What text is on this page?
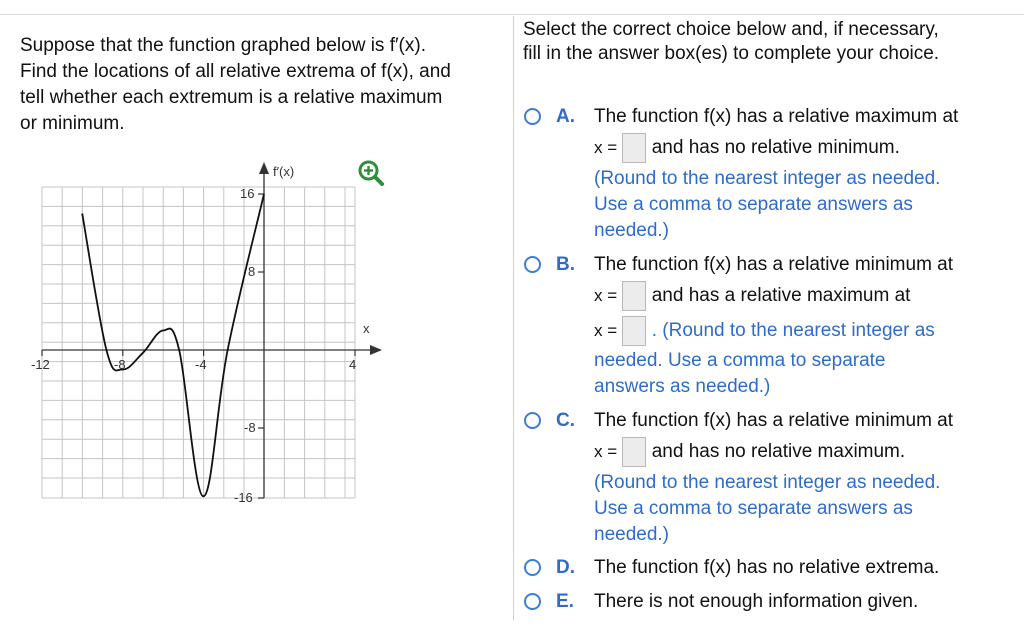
Suppose that the function graphed below is f′(x).
Find the locations of all relative extrema of f(x), and
tell whether each extremum is a relative maximum
or minimum.
Select the correct choice below and, if necessary,
fill in the answer box(es) to complete your choice.
16
8
-8
-16
-12	-8	-4	4
f′(x)
x
A. The function f(x) has a relative maximum at
x = and has no relative minimum.
(Round to the nearest integer as needed.
Use a comma to separate answers as
needed.)
B. The function f(x) has a relative minimum at
x = and has a relative maximum at
x = . (Round to the nearest integer as
needed. Use a comma to separate
answers as needed.)
C. The function f(x) has a relative minimum at
x = and has no relative maximum.
(Round to the nearest integer as needed.
Use a comma to separate answers as
needed.)
D. The function f(x) has no relative extrema.
E. There is not enough information given.
